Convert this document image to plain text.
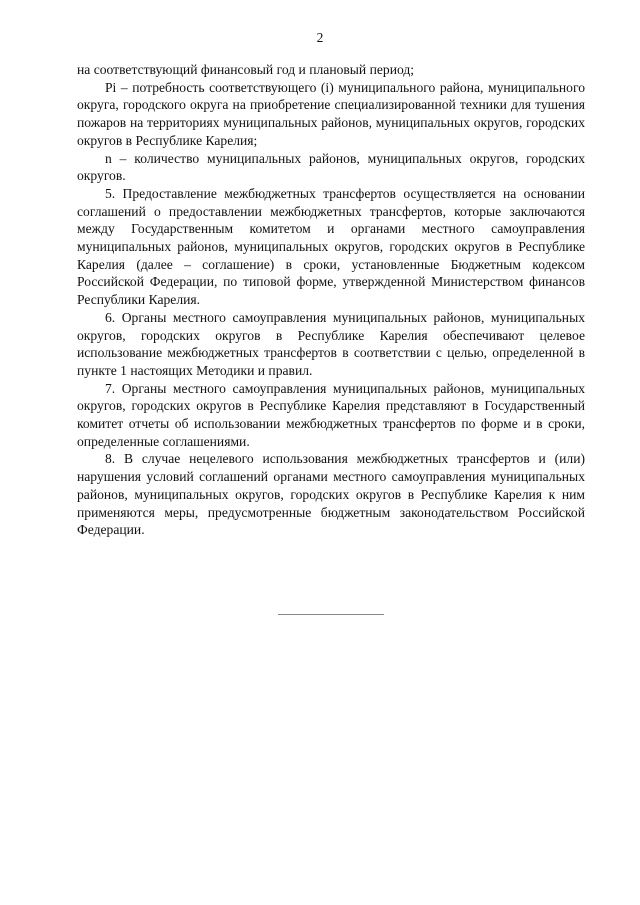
2

на соответствующий финансовый год и плановый период;

Pi – потребность соответствующего (i) муниципального района, муниципального округа, городского округа на приобретение специализированной техники для тушения пожаров на территориях муниципальных районов, муниципальных округов, городских округов в Республике Карелия;

n – количество муниципальных районов, муниципальных округов, городских округов.

5. Предоставление межбюджетных трансфертов осуществляется на основании соглашений о предоставлении межбюджетных трансфертов, которые заключаются между Государственным комитетом и органами местного самоуправления муниципальных районов, муниципальных округов, городских округов в Республике Карелия (далее – соглашение) в сроки, установленные Бюджетным кодексом Российской Федерации, по типовой форме, утвержденной Министерством финансов Республики Карелия.

6. Органы местного самоуправления муниципальных районов, муниципальных округов, городских округов в Республике Карелия обеспечивают целевое использование межбюджетных трансфертов в соответствии с целью, определенной в пункте 1 настоящих Методики и правил.

7. Органы местного самоуправления муниципальных районов, муниципальных округов, городских округов в Республике Карелия представляют в Государственный комитет отчеты об использовании межбюджетных трансфертов по форме и в сроки, определенные соглашениями.

8. В случае нецелевого использования межбюджетных трансфертов и (или) нарушения условий соглашений органами местного самоуправления муниципальных районов, муниципальных округов, городских округов в Республике Карелия к ним применяются меры, предусмотренные бюджетным законодательством Российской Федерации.
